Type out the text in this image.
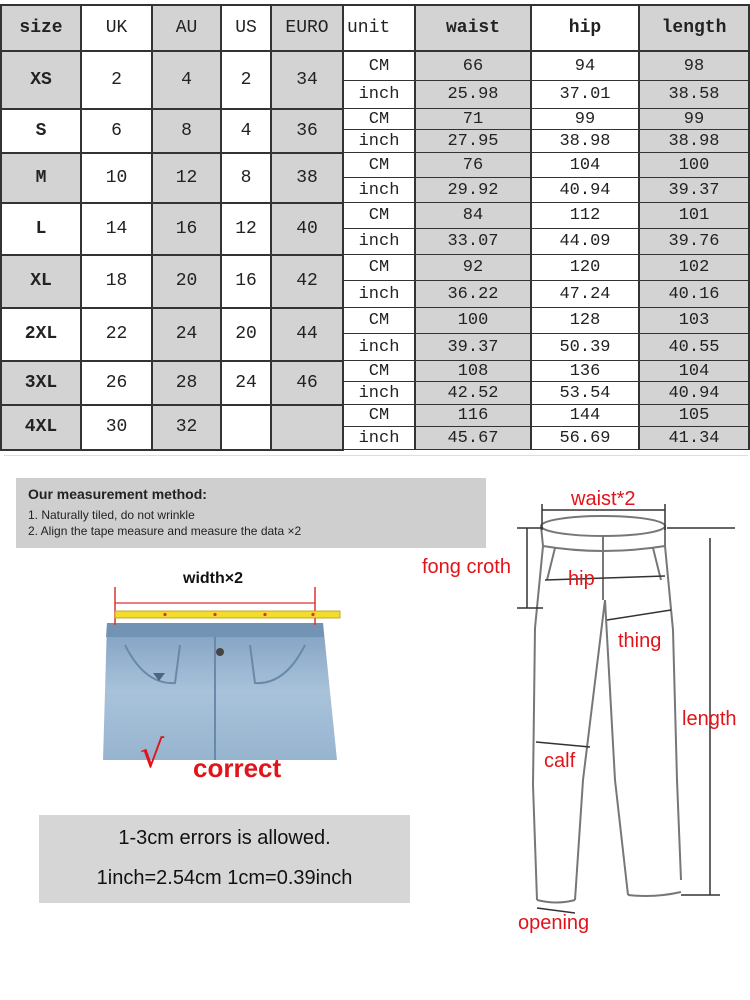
size	UK	AU	US	EURO	unit	waist	hip	length
XS	2	4	2	34	CM	66	94	98
					inch	25.98	37.01	38.58
S	6	8	4	36	CM	71	99	99
					inch	27.95	38.98	38.98
M	10	12	8	38	CM	76	104	100
					inch	29.92	40.94	39.37
L	14	16	12	40	CM	84	112	101
					inch	33.07	44.09	39.76
XL	18	20	16	42	CM	92	120	102
					inch	36.22	47.24	40.16
2XL	22	24	20	44	CM	100	128	103
					inch	39.37	50.39	40.55
3XL	26	28	24	46	CM	108	136	104
					inch	42.52	53.54	40.94
4XL	30	32			CM	116	144	105
					inch	45.67	56.69	41.34
Our measurement method:
1. Naturally tiled, do not wrinkle
2. Align the tape measure and measure the data ×2
width×2
√ correct
1-3cm errors is allowed.
1inch=2.54cm 1cm=0.39inch
waist*2
fong croth
hip
thing
length
calf
opening
